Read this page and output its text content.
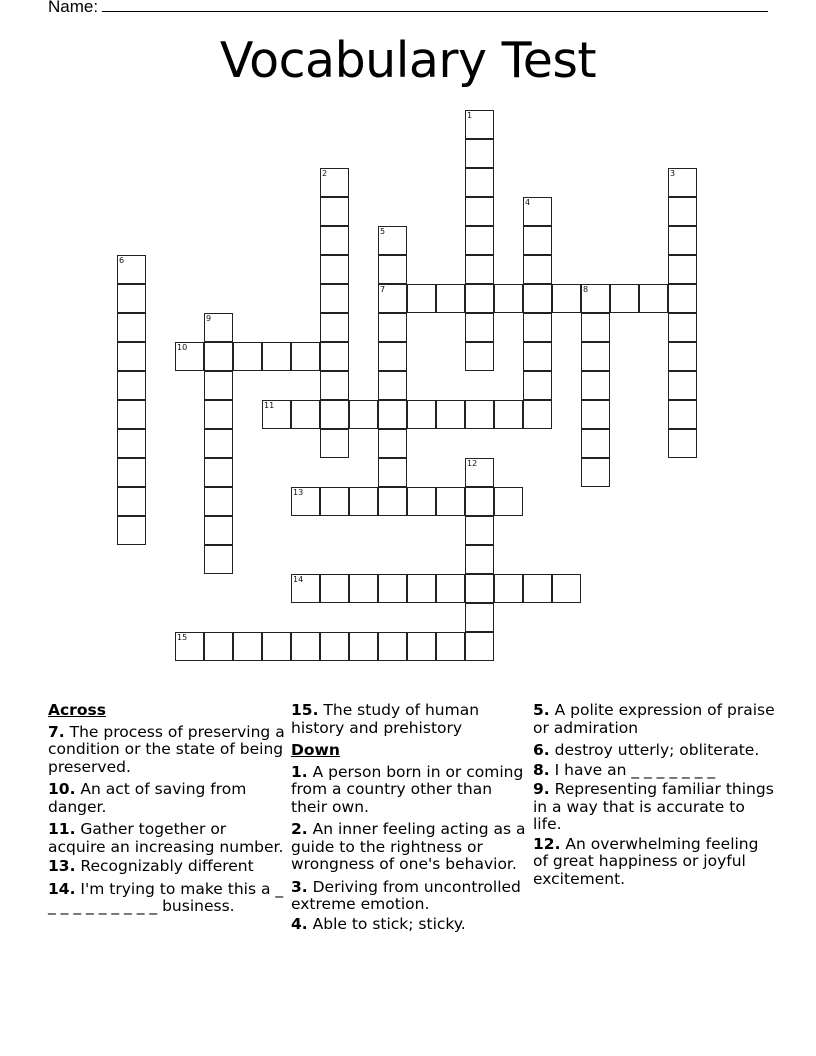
Name:
Vocabulary Test
1
2	3
4
5
7
6
8
9
10
11
12
13
14
15
Across
7. The process of preserving a condition or the state of being preserved.
10. An act of saving from danger.
11. Gather together or acquire an increasing number.
13. Recognizably different
14. I'm trying to make this a _ _ _ _ _ _ _ _ _ _ business.
15. The study of human history and prehistory
Down
1. A person born in or coming from a country other than their own.
2. An inner feeling acting as a guide to the rightness or wrongness of one's behavior.
3. Deriving from uncontrolled extreme emotion.
4. Able to stick; sticky.
5. A polite expression of praise or admiration
6. destroy utterly; obliterate.
8. I have an _ _ _ _ _ _ _
9. Representing familiar things in a way that is accurate to life.
12. An overwhelming feeling of great happiness or joyful excitement.
